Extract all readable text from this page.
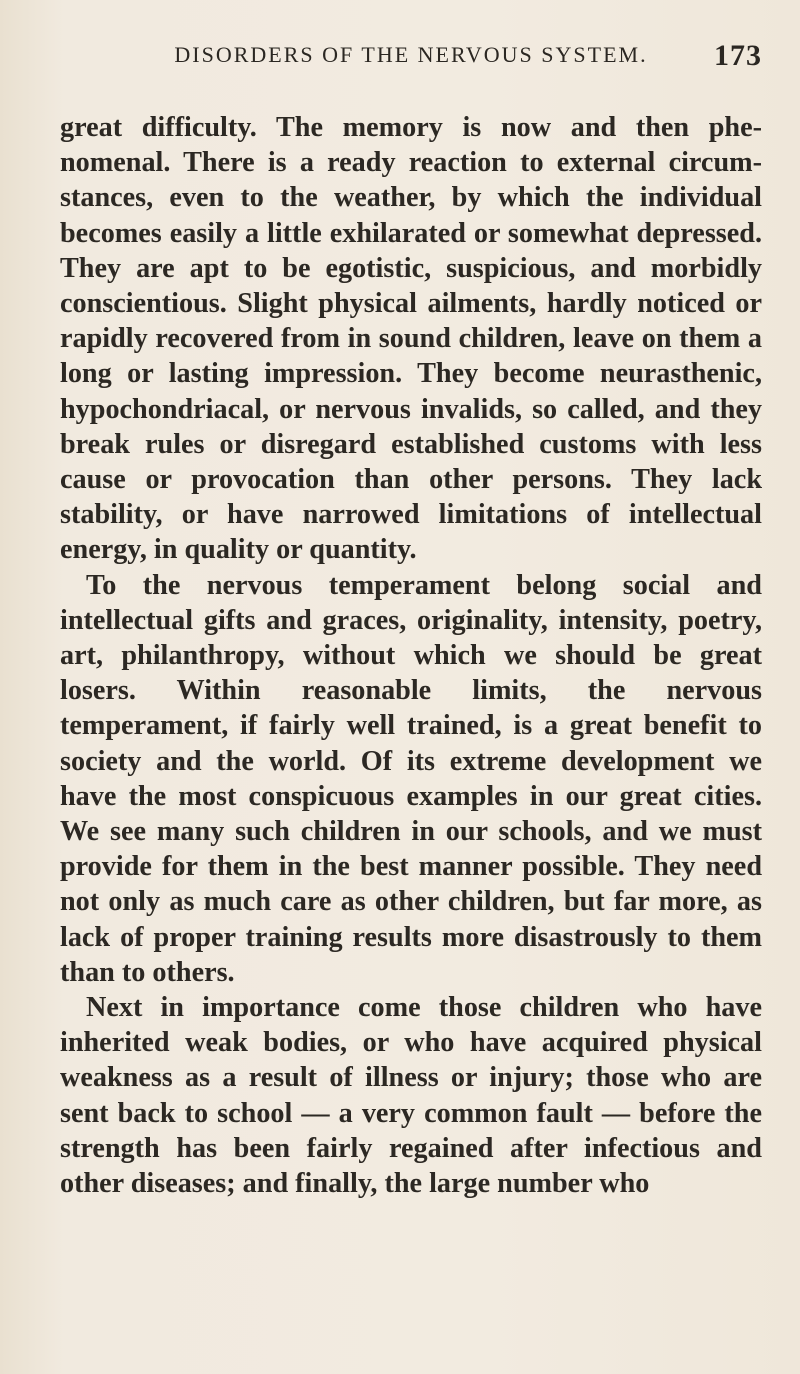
DISORDERS OF THE NERVOUS SYSTEM.	173

great difficulty. The memory is now and then phenomenal. There is a ready reaction to external circumstances, even to the weather, by which the individual becomes easily a little exhilarated or somewhat depressed. They are apt to be egotistic, suspicious, and morbidly conscientious. Slight physical ailments, hardly noticed or rapidly recovered from in sound children, leave on them a long or lasting impression. They become neurasthenic, hypochondriacal, or nervous invalids, so called, and they break rules or disregard established customs with less cause or provocation than other persons. They lack stability, or have narrowed limitations of intellectual energy, in quality or quantity.

To the nervous temperament belong social and intellectual gifts and graces, originality, intensity, poetry, art, philanthropy, without which we should be great losers. Within reasonable limits, the nervous temperament, if fairly well trained, is a great benefit to society and the world. Of its extreme development we have the most conspicuous examples in our great cities. We see many such children in our schools, and we must provide for them in the best manner possible. They need not only as much care as other children, but far more, as lack of proper training results more disastrously to them than to others.

Next in importance come those children who have inherited weak bodies, or who have acquired physical weakness as a result of illness or injury; those who are sent back to school — a very common fault — before the strength has been fairly regained after infectious and other diseases; and finally, the large number who
